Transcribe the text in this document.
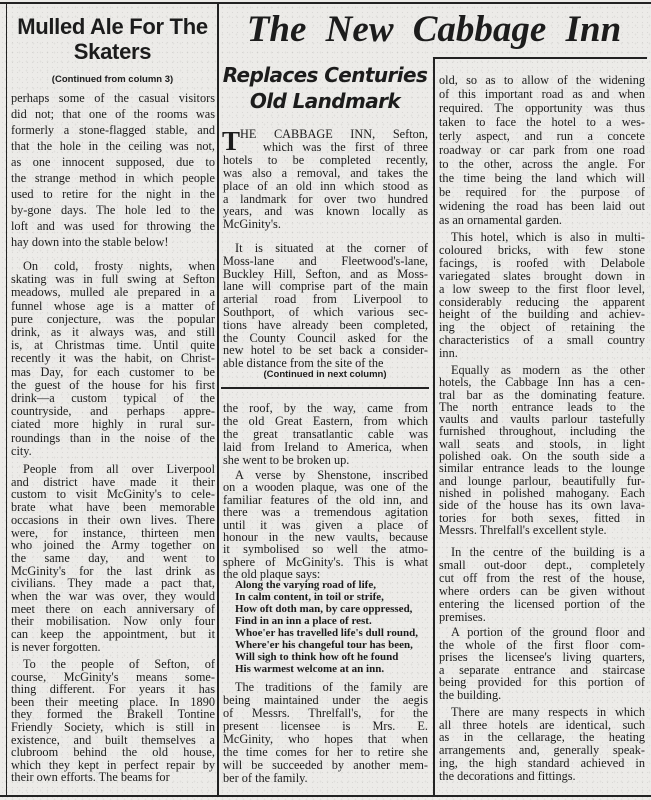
Mulled Ale For The
Skaters
(Continued from column 3)
perhaps some of the casual visitors
did not; that one of the rooms was
formerly a stone-flagged stable, and
that the hole in the ceiling was not,
as one innocent supposed, due to
the strange method in which people
used to retire for the night in the
by-gone days. The hole led to the
loft and was used for throwing the
hay down into the stable below!
On cold, frosty nights, when
skating was in full swing at Sefton
meadows, mulled ale prepared in a
funnel whose age is a matter of
pure conjecture, was the popular
drink, as it always was, and still
is, at Christmas time. Until quite
recently it was the habit, on Christ-
mas Day, for each customer to be
the guest of the house for his first
drink—a custom typical of the
countryside, and perhaps appre-
ciated more highly in rural sur-
roundings than in the noise of the
city.
People from all over Liverpool
and district have made it their
custom to visit McGinity's to cele-
brate what have been memorable
occasions in their own lives. There
were, for instance, thirteen men
who joined the Army together on
the same day, and went to
McGinity's for the last drink as
civilians. They made a pact that,
when the war was over, they would
meet there on each anniversary of
their mobilisation. Now only four
can keep the appointment, but it
is never forgotten.
To the people of Sefton, of
course, McGinity's means some-
thing different. For years it has
been their meeting place. In 1890
they formed the Brakell Tontine
Friendly Society, which is still in
existence, and built themselves a
clubroom behind the old house,
which they kept in perfect repair by
their own efforts. The beams for
The New Cabbage Inn
Replaces Centuries
Old Landmark
T HE CABBAGE INN, Sefton,
which was the first of three
hotels to be completed recently,
was also a removal, and takes the
place of an old inn which stood as
a landmark for over two hundred
years, and was known locally as
McGinity's.
It is situated at the corner of
Moss-lane and Fleetwood's-lane,
Buckley Hill, Sefton, and as Moss-
lane will comprise part of the main
arterial road from Liverpool to
Southport, of which various sec-
tions have already been completed,
the County Council asked for the
new hotel to be set back a consider-
able distance from the site of the
(Continued in next column)
the roof, by the way, came from
the old Great Eastern, from which
the great transatlantic cable was
laid from Ireland to America, when
she went to be broken up.
A verse by Shenstone, inscribed
on a wooden plaque, was one of the
familiar features of the old inn, and
there was a tremendous agitation
until it was given a place of
honour in the new vaults, because
it symbolised so well the atmo-
sphere of McGinity's. This is what
the old plaque says:
Along the varying road of life,
In calm content, in toil or strife,
How oft doth man, by care oppressed,
Find in an inn a place of rest.
Whoe'er has travelled life's dull round,
Where'er his changeful tour has been,
Will sigh to think how oft he found
His warmest welcome at an inn.
The traditions of the family are
being maintained under the aegis
of Messrs. Threlfall's, for the
present licensee is Mrs. E.
McGinity, who hopes that when
the time comes for her to retire she
will be succeeded by another mem-
ber of the family.
old, so as to allow of the widening
of this important road as and when
required. The opportunity was thus
taken to face the hotel to a wes-
terly aspect, and run a concete
roadway or car park from one road
to the other, across the angle. For
the time being the land which will
be required for the purpose of
widening the road has been laid out
as an ornamental garden.
This hotel, which is also in multi-
coloured bricks, with few stone
facings, is roofed with Delabole
variegated slates brought down in
a low sweep to the first floor level,
considerably reducing the apparent
height of the building and achiev-
ing the object of retaining the
characteristics of a small country
inn.
Equally as modern as the other
hotels, the Cabbage Inn has a cen-
tral bar as the dominating feature.
The north entrance leads to the
vaults and vaults parlour tastefully
furnished throughout, including the
wall seats and stools, in light
polished oak. On the south side a
similar entrance leads to the lounge
and lounge parlour, beautifully fur-
nished in polished mahogany. Each
side of the house has its own lava-
tories for both sexes, fitted in
Messrs. Threlfall's excellent style.
In the centre of the building is a
small out-door dept., completely
cut off from the rest of the house,
where orders can be given without
entering the licensed portion of the
premises.
A portion of the ground floor and
the whole of the first floor com-
prises the licensee's living quarters,
a separate entrance and staircase
being provided for this portion of
the building.
There are many respects in which
all three hotels are identical, such
as in the cellarage, the heating
arrangements and, generally speak-
ing, the high standard achieved in
the decorations and fittings.
